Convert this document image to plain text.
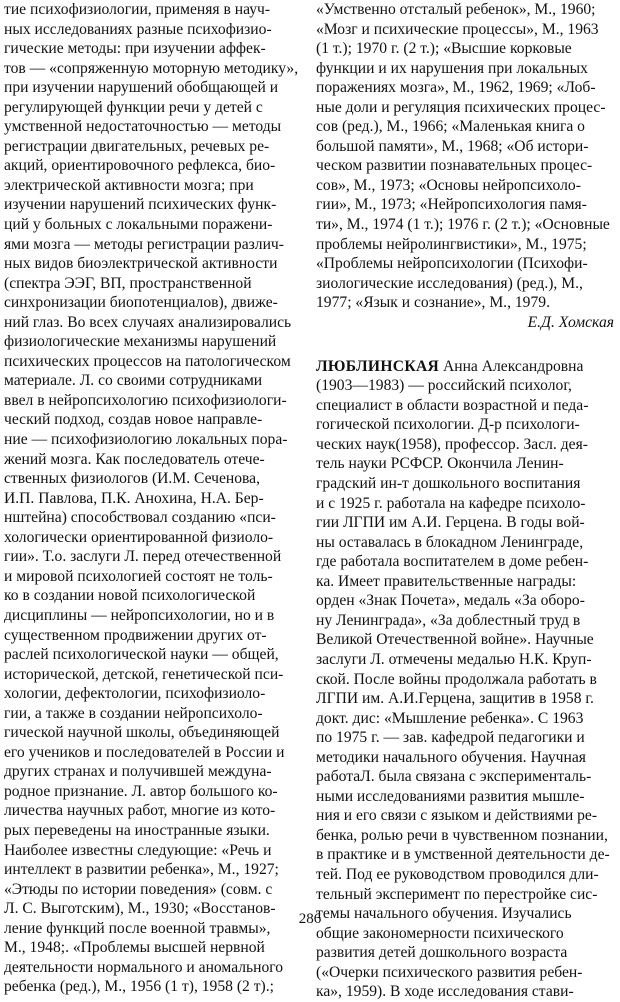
тие психофизиологии, применяя в науч-
ных исследованиях разные психофизио-
гические методы: при изучении аффек-
тов — «сопряженную моторную методику»,
при изучении нарушений обобщающей и
регулирующей функции речи у детей с
умственной недостаточностью — методы
регистрации двигательных, речевых ре-
акций, ориентировочного рефлекса, био-
электрической активности мозга; при
изучении нарушений психических функ-
ций у больных с локальными поражени-
ями мозга — методы регистрации различ-
ных видов биоэлектрической активности
(спектра ЭЭГ, ВП, пространственной
синхронизации биопотенциалов), движе-
ний глаз. Во всех случаях анализировались
физиологические механизмы нарушений
психических процессов на патологическом
материале. Л. со своими сотрудниками
ввел в нейропсихологию психофизиологи-
ческий подход, создав новое направле-
ние — психофизиологию локальных пора-
жений мозга. Как последователь отече-
ственных физиологов (И.М. Сеченова,
И.П. Павлова, П.К. Анохина, Н.А. Бер-
нштейна) способствовал созданию «пси-
хологически ориентированной физиоло-
гии». Т.о. заслуги Л. перед отечественной
и мировой психологией состоят не толь-
ко в создании новой психологической
дисциплины — нейропсихологии, но и в
существенном продвижении других от-
раслей психологической науки — общей,
исторической, детской, генетической пси-
хологии, дефектологии, психофизиоло-
гии, а также в создании нейропсихоло-
гической научной школы, объединяющей
его учеников и последователей в России и
других странах и получившей междуна-
родное признание. Л. автор большого ко-
личества научных работ, многие из кото-
рых переведены на иностранные языки.
Наиболее известны следующие: «Речь и
интеллект в развитии ребенка», М., 1927;
«Этюды по истории поведения» (совм. с
Л. С. Выготским), М., 1930; «Восстанов-
ление функций после военной травмы»,
М., 1948;. «Проблемы высшей нервной
деятельности нормального и аномального
ребенка (ред.), М., 1956 (1 т), 1958 (2 т).;
«Умственно отсталый ребенок», М., 1960;
«Мозг и психические процессы», М., 1963
(1 т.); 1970 г. (2 т.); «Высшие корковые
функции и их нарушения при локальных
поражениях мозга», М., 1962, 1969; «Лоб-
ные доли и регуляция психических процес-
сов (ред.), М., 1966; «Маленькая книга о
большой памяти», М., 1968; «Об истори-
ческом развитии познавательных процес-
сов», М., 1973; «Основы нейропсихоло-
гии», М., 1973; «Нейропсихология памя-
ти», М., 1974 (1 т.); 1976 г. (2 т.); «Основные
проблемы нейролингвистики», М., 1975;
«Проблемы нейропсихологии (Психофи-
зиологические исследования) (ред.), М.,
1977; «Язык и сознание», М., 1979.
Е.Д. Хомская
ЛЮБЛИНСКАЯ Анна Александровна
(1903—1983) — российский психолог,
специалист в области возрастной и педа-
гогической психологии. Д-р психологи-
ческих наук(1958), профессор. Засл. дея-
тель науки РСФСР. Окончила Ленин-
градский ин-т дошкольного воспитания
и с 1925 г. работала на кафедре психоло-
гии ЛГПИ им А.И. Герцена. В годы вой-
ны оставалась в блокадном Ленинграде,
где работала воспитателем в доме ребен-
ка. Имеет правительственные награды:
орден «Знак Почета», медаль «За оборо-
ну Ленинграда», «За доблестный труд в
Великой Отечественной войне». Научные
заслуги Л. отмечены медалью Н.К. Круп-
ской. После войны продолжала работать в
ЛГПИ им. А.И.Герцена, защитив в 1958 г.
докт. дис: «Мышление ребенка». С 1963
по 1975 г. — зав. кафедрой педагогики и
методики начального обучения. Научная
работаЛ. была связана с эксперименталь-
ными исследованиями развития мышле-
ния и его связи с языком и действиями ре-
бенка, ролью речи в чувственном познании,
в практике и в умственной деятельности де-
тей. Под ее руководством проводился дли-
тельный эксперимент по перестройке сис-
темы начального обучения. Изучались
общие закономерности психического
развития детей дошкольного возраста
(«Очерки психического развития ребен-
ка», 1959). В ходе исследования стави-
286
